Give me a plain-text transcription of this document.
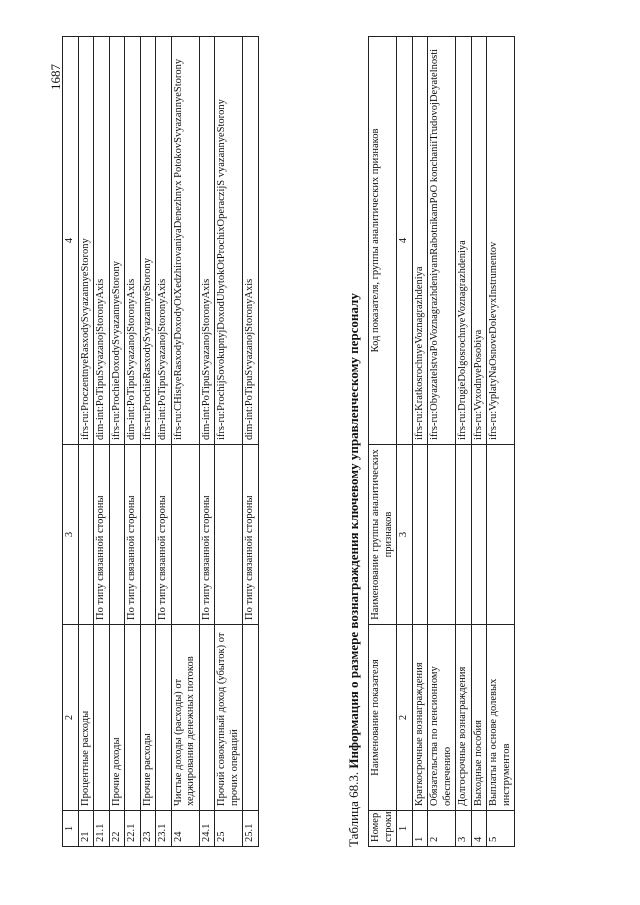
1687
1	2	3	4
21	Процентные расходы		ifrs-ru:ProczentnyeRasxodySvyazannyeStorony
21.1		По типу связанной стороны	dim-int:PoTipuSvyazanojStoronyAxis
22	Прочие доходы		ifrs-ru:ProchieDoxodySvyazannyeStorony
22.1		По типу связанной стороны	dim-int:PoTipuSvyazanojStoronyAxis
23	Прочие расходы		ifrs-ru:ProchieRasxodySvyazannyeStorony
23.1		По типу связанной стороны	dim-int:PoTipuSvyazanojStoronyAxis
24	Чистые доходы (расходы) от хеджирования денежных потоков		ifrs-ru:CHistyeRasxodyDoxodyOtXedzhirovaniyaDenezhnyx PotokovSvyazannyeStorony
24.1		По типу связанной стороны	dim-int:PoTipuSvyazanojStoronyAxis
25	Прочий совокупный доход (убыток) от прочих операций		ifrs-ru:ProchijSovokupnyjDoxodUbytokOtProchixOperaczijS vyazannyeStorony
25.1		По типу связанной стороны	dim-int:PoTipuSvyazanojStoronyAxis
Таблица 68.3. Информация о размере вознаграждения ключевому управленческому персоналу
Номер строки	Наименование показателя	Наименование группы аналитических признаков	Код показателя, группы аналитических признаков
1	2	3	4
1	Краткосрочные вознаграждения		ifrs-ru:KratkosrochnyeVoznagrazhdeniya
2	Обязательства по пенсионному обеспечению		ifrs-ru:ObyazatelstvaPoVoznagrazhdeniyamRabotnikamPoO konchaniiTrudovojDeyatelnosti
3	Долгосрочные вознаграждения		ifrs-ru:DrugieDolgosrochnyeVoznagrazhdeniya
4	Выходные пособия		ifrs-ru:VyxodnyePosobiya
5	Выплаты на основе долевых инструментов		ifrs-ru:VyplatyNaOsnoveDolevyxInstrumentov
